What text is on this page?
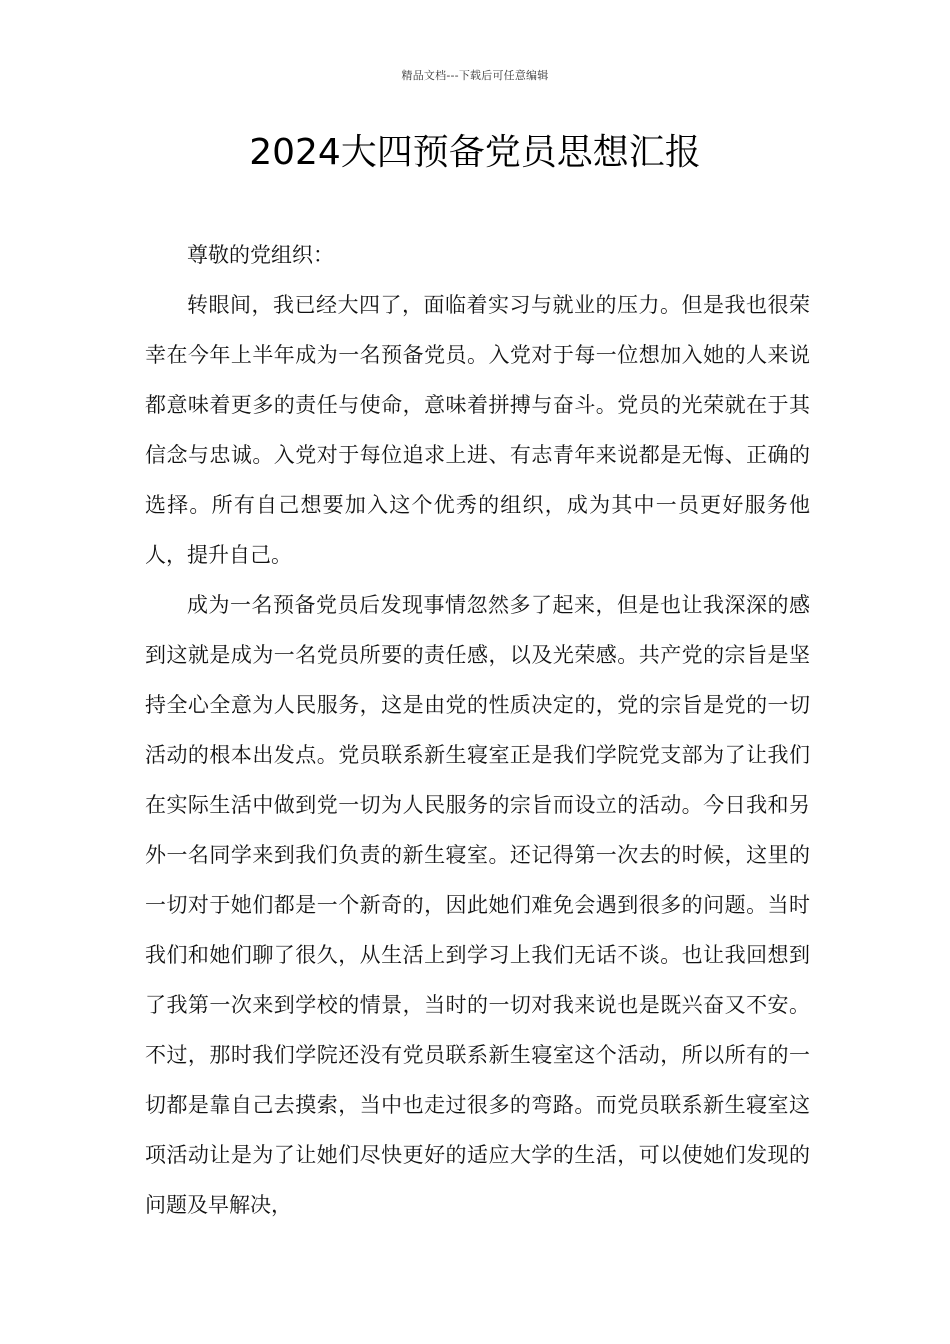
精品文档---下载后可任意编辑
2024大四预备党员思想汇报

尊敬的党组织：

转眼间，我已经大四了，面临着实习与就业的压力。但是我也很荣幸在今年上半年成为一名预备党员。入党对于每一位想加入她的人来说都意味着更多的责任与使命，意味着拼搏与奋斗。党员的光荣就在于其信念与忠诚。入党对于每位追求上进、有志青年来说都是无悔、正确的选择。所有自己想要加入这个优秀的组织，成为其中一员更好服务他人，提升自己。

成为一名预备党员后发现事情忽然多了起来，但是也让我深深的感到这就是成为一名党员所要的责任感，以及光荣感。共产党的宗旨是坚持全心全意为人民服务，这是由党的性质决定的，党的宗旨是党的一切活动的根本出发点。党员联系新生寝室正是我们学院党支部为了让我们在实际生活中做到党一切为人民服务的宗旨而设立的活动。今日我和另外一名同学来到我们负责的新生寝室。还记得第一次去的时候，这里的一切对于她们都是一个新奇的，因此她们难免会遇到很多的问题。当时我们和她们聊了很久，从生活上到学习上我们无话不谈。也让我回想到了我第一次来到学校的情景，当时的一切对我来说也是既兴奋又不安。不过，那时我们学院还没有党员联系新生寝室这个活动，所以所有的一切都是靠自己去摸索，当中也走过很多的弯路。而党员联系新生寝室这项活动让是为了让她们尽快更好的适应大学的生活，可以使她们发现的问题及早解决，
